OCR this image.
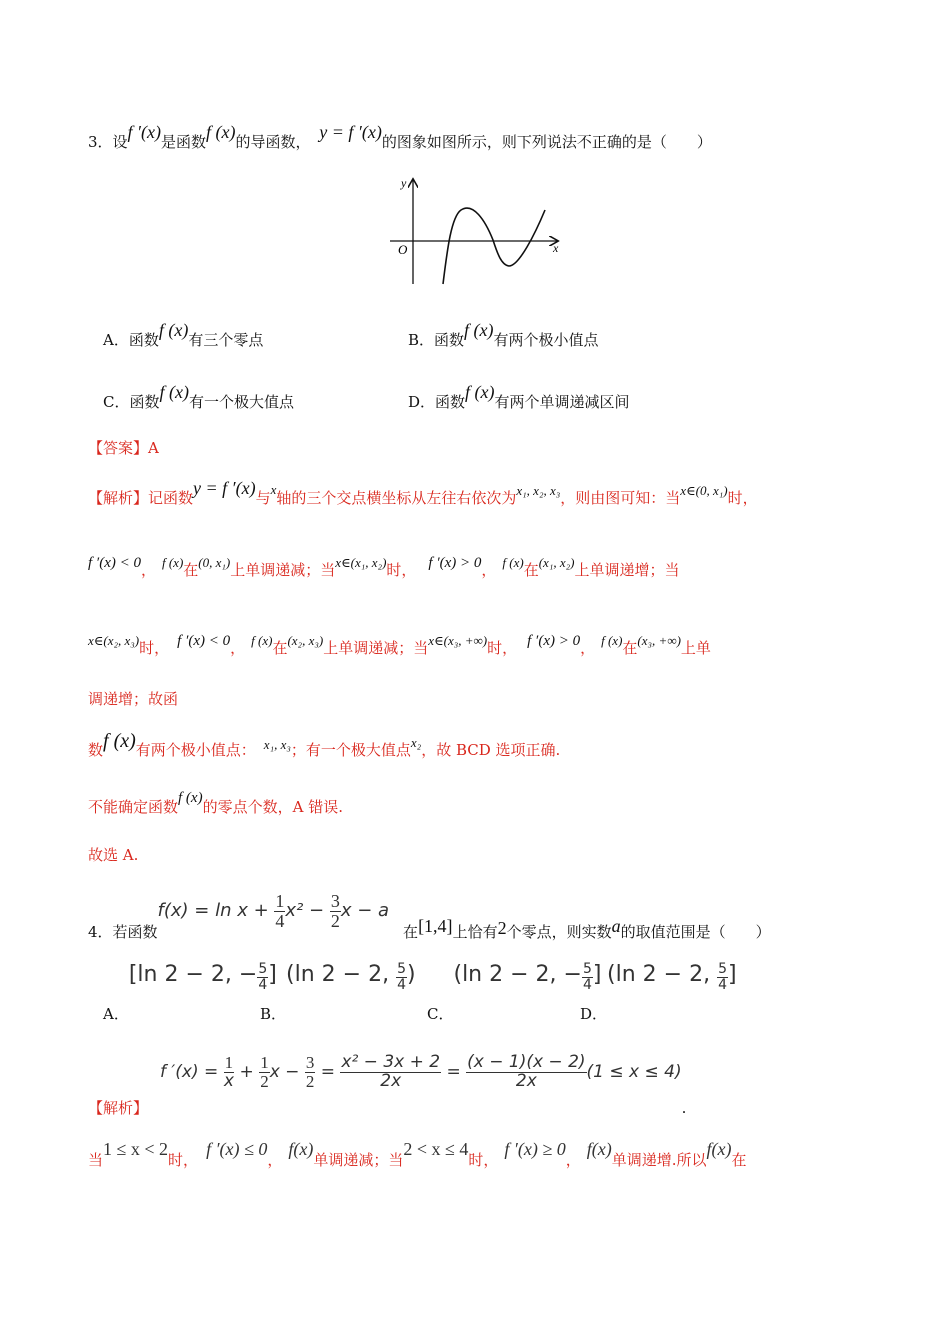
3．设f ′(x)是函数f (x)的导函数， y = f ′(x)的图象如图所示，则下列说法不正确的是（　　）
y
x
O
A．函数f (x)有三个零点	B．函数f (x)有两个极小值点
C．函数f (x)有一个极大值点	D．函数f (x)有两个单调递减区间
【答案】A
【解析】记函数y = f ′(x)与x轴的三个交点横坐标从左往右依次为x₁, x₂, x₃，则由图可知：当x∈(0, x₁)时，
f ′(x) < 0， f (x)在(0, x₁)上单调递减；当x∈(x₁, x₂)时， f ′(x) > 0， f (x)在(x₁, x₂)上单调递增；当
x∈(x₂, x₃)时， f ′(x) < 0， f (x)在(x₂, x₃)上单调递减；当x∈(x₃, +∞)时， f ′(x) > 0， f (x)在(x₃, +∞)上单
调递增；故函
数f (x)有两个极小值点： x₁, x₃；有一个极大值点x₂，故 BCD 选项正确.
不能确定函数f (x)的零点个数，A 错误.
故选 A.
4．若函数$f(x) = \ln x + \frac{1}{4} x^2 - \frac{3}{2}$ x − a在[1,4]上恰有2个零点，则实数a的取值范围是（　　）
A．[ln 2 − 2, − $\frac{5}{4}$ ]
B．(ln 2 − 2, $\frac{5}{4}$ )
C．(ln 2 − 2, − $\frac{5}{4}$ ]
D．(ln 2 − 2, $\frac{5}{4}$ ]
【解析】f $'(x) = \frac{1}{x} + \frac{1}{2}$ $x - \frac{3}{2} = \frac{\text{x² − 3x + 2}}{2x} = \frac{(x - 1)(x - 2)}{2x} (1 \le x \le 4)$.
当1 ≤ x < 2时，f ′(x) ≤ 0，f(x)单调递减；当2 < x ≤ 4时，f ′(x) ≥ 0，f(x)单调递增.所以f(x)在
